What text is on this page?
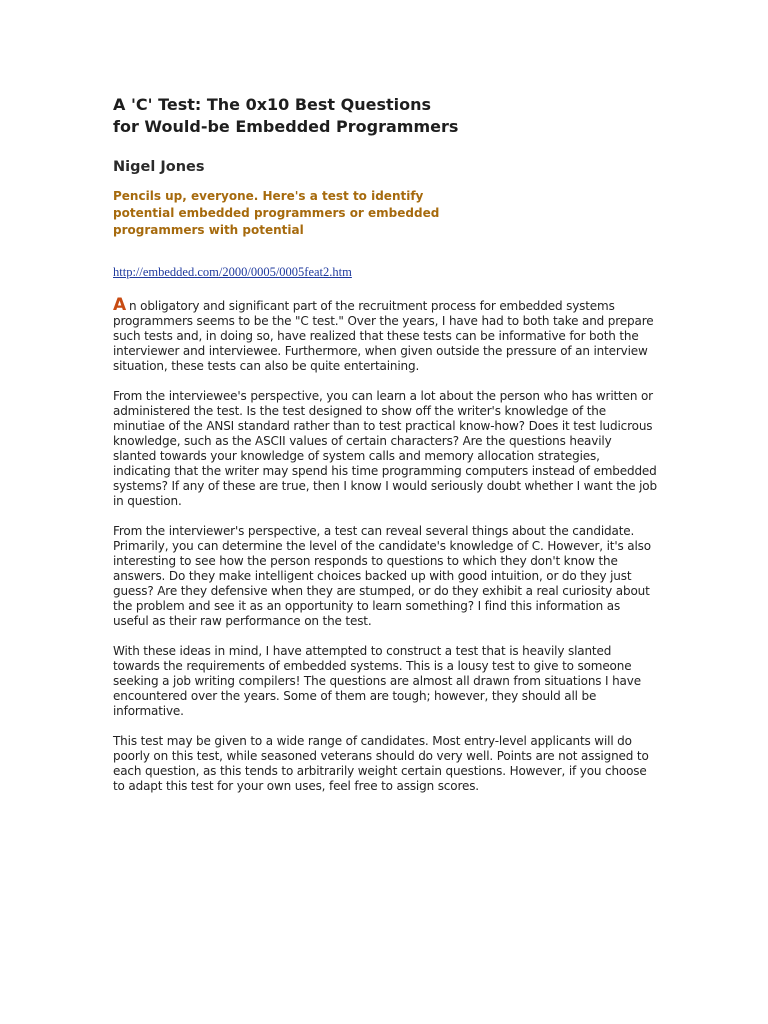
A 'C' Test: The 0x10 Best Questions
for Would-be Embedded Programmers
Nigel Jones
Pencils up, everyone. Here's a test to identify potential embedded programmers or embedded programmers with potential
http://embedded.com/2000/0005/0005feat2.htm

A n obligatory and significant part of the recruitment process for embedded systems programmers seems to be the "C test." Over the years, I have had to both take and prepare such tests and, in doing so, have realized that these tests can be informative for both the interviewer and interviewee. Furthermore, when given outside the pressure of an interview situation, these tests can also be quite entertaining.

From the interviewee's perspective, you can learn a lot about the person who has written or administered the test. Is the test designed to show off the writer's knowledge of the minutiae of the ANSI standard rather than to test practical know-how? Does it test ludicrous knowledge, such as the ASCII values of certain characters? Are the questions heavily slanted towards your knowledge of system calls and memory allocation strategies, indicating that the writer may spend his time programming computers instead of embedded systems? If any of these are true, then I know I would seriously doubt whether I want the job in question.

From the interviewer's perspective, a test can reveal several things about the candidate. Primarily, you can determine the level of the candidate's knowledge of C. However, it's also interesting to see how the person responds to questions to which they don't know the answers. Do they make intelligent choices backed up with good intuition, or do they just guess? Are they defensive when they are stumped, or do they exhibit a real curiosity about the problem and see it as an opportunity to learn something? I find this information as useful as their raw performance on the test.

With these ideas in mind, I have attempted to construct a test that is heavily slanted towards the requirements of embedded systems. This is a lousy test to give to someone seeking a job writing compilers! The questions are almost all drawn from situations I have encountered over the years. Some of them are tough; however, they should all be informative.

This test may be given to a wide range of candidates. Most entry-level applicants will do poorly on this test, while seasoned veterans should do very well. Points are not assigned to each question, as this tends to arbitrarily weight certain questions. However, if you choose to adapt this test for your own uses, feel free to assign scores.
